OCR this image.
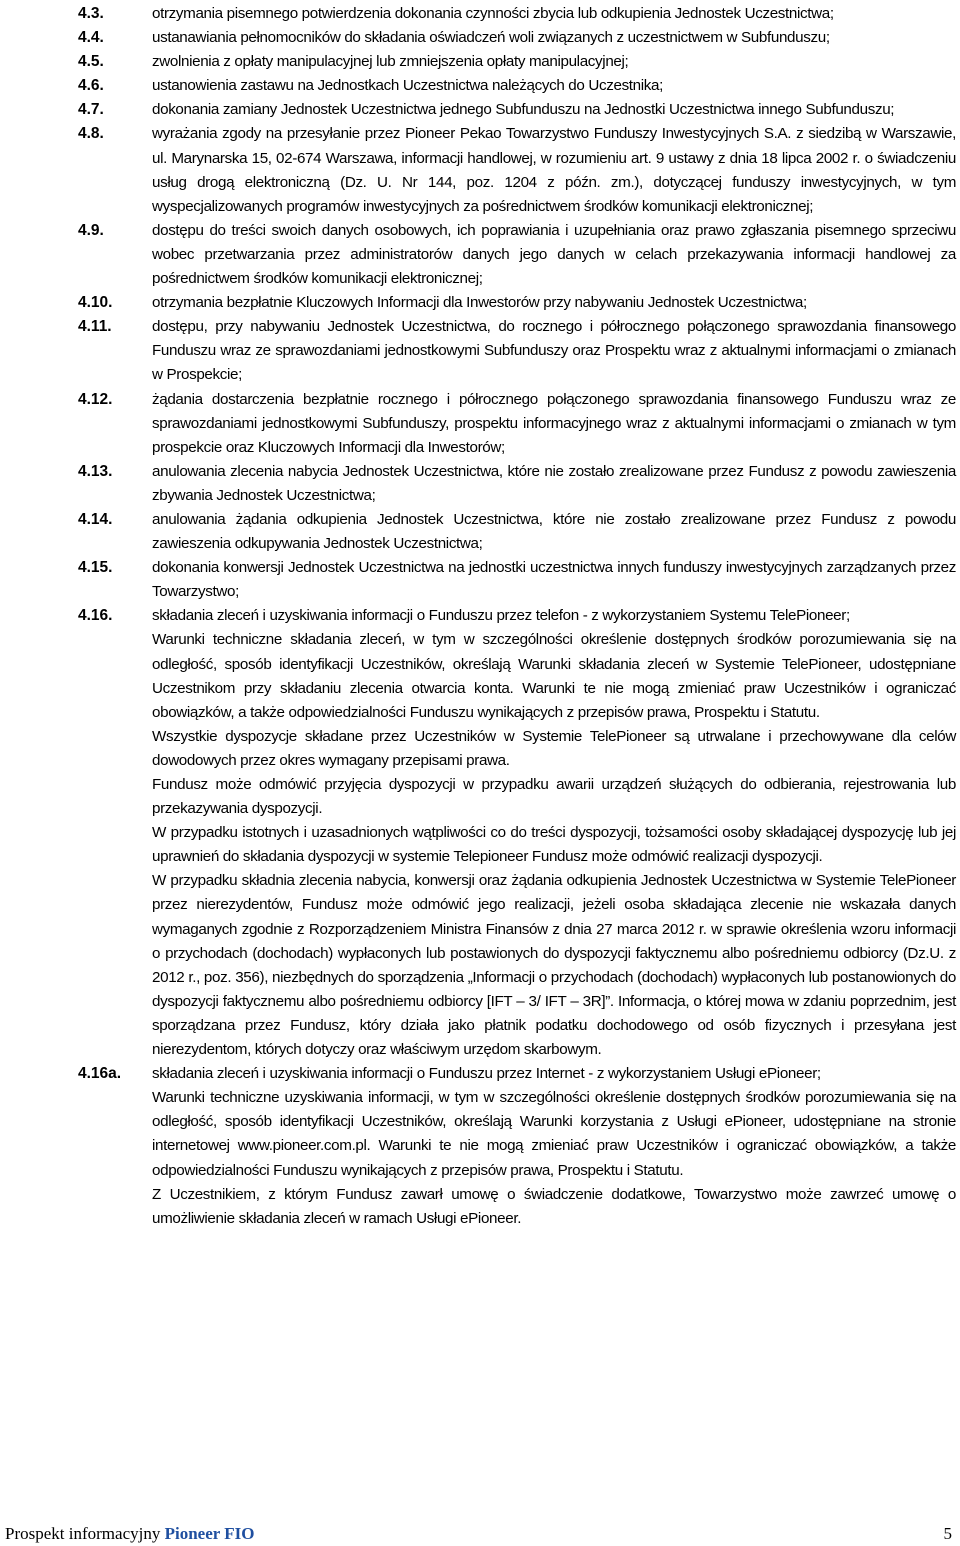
4.3.	otrzymania pisemnego potwierdzenia dokonania czynności zbycia lub odkupienia Jednostek Uczestnictwa;

4.4.	ustanawiania pełnomocników do składania oświadczeń woli związanych z uczestnictwem w Subfunduszu;

4.5.	zwolnienia z opłaty manipulacyjnej lub zmniejszenia opłaty manipulacyjnej;

4.6.	ustanowienia zastawu na Jednostkach Uczestnictwa należących do Uczestnika;

4.7.	dokonania zamiany Jednostek Uczestnictwa jednego Subfunduszu na Jednostki Uczestnictwa innego Subfunduszu;

4.8.	wyrażania zgody na przesyłanie przez Pioneer Pekao Towarzystwo Funduszy Inwestycyjnych S.A. z siedzibą w Warszawie, ul. Marynarska 15, 02-674 Warszawa, informacji handlowej, w rozumieniu art. 9 ustawy z dnia 18 lipca 2002 r. o świadczeniu usług drogą elektroniczną (Dz. U. Nr 144, poz. 1204 z późn. zm.), dotyczącej funduszy inwestycyjnych, w tym wyspecjalizowanych programów inwestycyjnych za pośrednictwem środków komunikacji elektronicznej;

4.9.	dostępu do treści swoich danych osobowych, ich poprawiania i uzupełniania oraz prawo zgłaszania pisemnego sprzeciwu wobec przetwarzania przez administratorów danych jego danych w celach przekazywania informacji handlowej za pośrednictwem środków komunikacji elektronicznej;

4.10.	otrzymania bezpłatnie Kluczowych Informacji dla Inwestorów przy nabywaniu Jednostek Uczestnictwa;

4.11.	dostępu, przy nabywaniu Jednostek Uczestnictwa, do rocznego i półrocznego połączonego sprawozdania finansowego Funduszu wraz ze sprawozdaniami jednostkowymi Subfunduszy oraz Prospektu wraz z aktualnymi informacjami o zmianach w Prospekcie;

4.12.	żądania dostarczenia bezpłatnie rocznego i półrocznego połączonego sprawozdania finansowego Funduszu wraz ze sprawozdaniami jednostkowymi Subfunduszy, prospektu informacyjnego wraz z aktualnymi informacjami o zmianach w tym prospekcie oraz Kluczowych Informacji dla Inwestorów;

4.13.	anulowania zlecenia nabycia Jednostek Uczestnictwa, które nie zostało zrealizowane przez Fundusz z powodu zawieszenia zbywania Jednostek Uczestnictwa;

4.14.	anulowania żądania odkupienia Jednostek Uczestnictwa, które nie zostało zrealizowane przez Fundusz z powodu zawieszenia odkupywania Jednostek Uczestnictwa;

4.15.	dokonania konwersji Jednostek Uczestnictwa na jednostki uczestnictwa innych funduszy inwestycyjnych zarządzanych przez Towarzystwo;

4.16.	składania zleceń i uzyskiwania informacji o Funduszu przez telefon - z wykorzystaniem Systemu TelePioneer;

Warunki techniczne składania zleceń, w tym w szczególności określenie dostępnych środków porozumiewania się na odległość, sposób identyfikacji Uczestników, określają Warunki składania zleceń w Systemie TelePioneer, udostępniane Uczestnikom przy składaniu zlecenia otwarcia konta. Warunki te nie mogą zmieniać praw Uczestników i ograniczać obowiązków, a także odpowiedzialności Funduszu wynikających z przepisów prawa, Prospektu i Statutu.

Wszystkie dyspozycje składane przez Uczestników w Systemie TelePioneer są utrwalane i przechowywane dla celów dowodowych przez okres wymagany przepisami prawa.

Fundusz może odmówić przyjęcia dyspozycji w przypadku awarii urządzeń służących do odbierania, rejestrowania lub przekazywania dyspozycji.

W przypadku istotnych i uzasadnionych wątpliwości co do treści dyspozycji, tożsamości osoby składającej dyspozycję lub jej uprawnień do składania dyspozycji w systemie Telepioneer Fundusz może odmówić realizacji dyspozycji.

W przypadku składnia zlecenia nabycia, konwersji oraz żądania odkupienia Jednostek Uczestnictwa w Systemie TelePioneer przez nierezydentów, Fundusz może odmówić jego realizacji, jeżeli osoba składająca zlecenie nie wskazała danych wymaganych zgodnie z Rozporządzeniem Ministra Finansów z dnia 27 marca 2012 r. w sprawie określenia wzoru informacji o przychodach (dochodach) wypłaconych lub postawionych do dyspozycji faktycznemu albo pośredniemu odbiorcy (Dz.U. z 2012 r., poz. 356), niezbędnych do sporządzenia „Informacji o przychodach (dochodach) wypłaconych lub postanowionych do dyspozycji faktycznemu albo pośredniemu odbiorcy [IFT – 3/ IFT – 3R]”. Informacja, o której mowa w zdaniu poprzednim, jest sporządzana przez Fundusz, który działa jako płatnik podatku dochodowego od osób fizycznych i przesyłana jest nierezydentom, których dotyczy oraz właściwym urzędom skarbowym.

4.16a.	składania zleceń i uzyskiwania informacji o Funduszu przez Internet - z wykorzystaniem Usługi ePioneer;

Warunki techniczne uzyskiwania informacji, w tym w szczególności określenie dostępnych środków porozumiewania się na odległość, sposób identyfikacji Uczestników, określają Warunki korzystania z Usługi ePioneer, udostępniane na stronie internetowej www.pioneer.com.pl. Warunki te nie mogą zmieniać praw Uczestników i ograniczać obowiązków, a także odpowiedzialności Funduszu wynikających z przepisów prawa, Prospektu i Statutu.

Z Uczestnikiem, z którym Fundusz zawarł umowę o świadczenie dodatkowe, Towarzystwo może zawrzeć umowę o umożliwienie składania zleceń w ramach Usługi ePioneer.

Prospekt informacyjny Pioneer FIO	5
